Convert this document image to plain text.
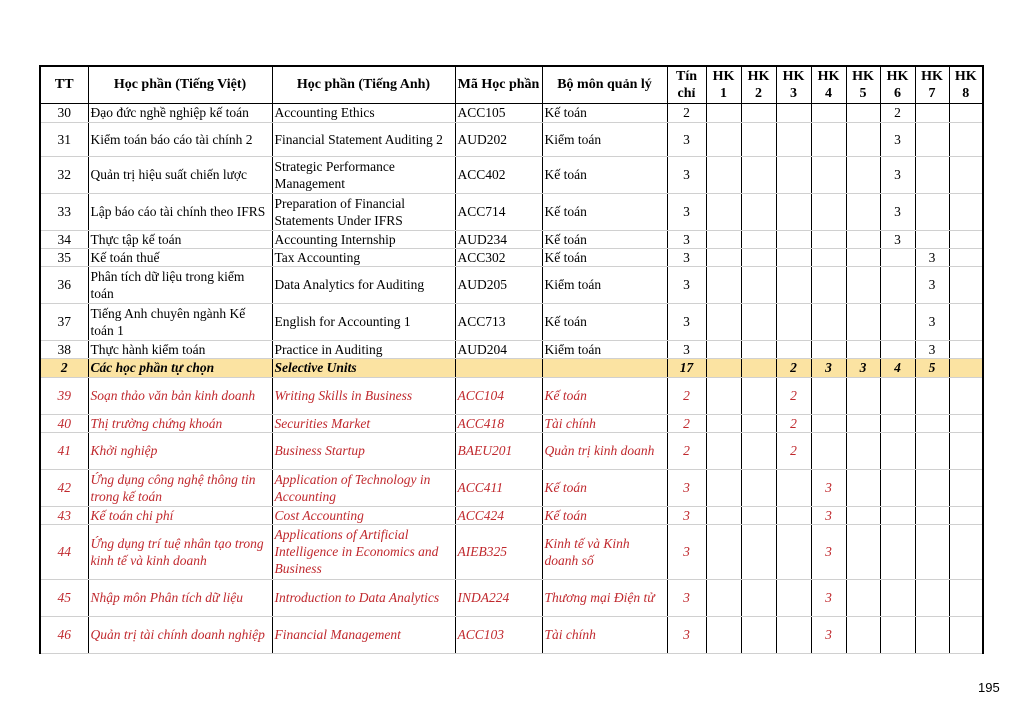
TT	Học phần (Tiếng Việt)	Học phần (Tiếng Anh)	Mã Học phần	Bộ môn quản lý	Tín chỉ	HK 1	HK 2	HK 3	HK 4	HK 5	HK 6	HK 7	HK 8
30	Đạo đức nghề nghiệp kế toán	Accounting Ethics	ACC105	Kế toán	2						2		
31	Kiểm toán báo cáo tài chính 2	Financial Statement Auditing 2	AUD202	Kiểm toán	3						3		
32	Quản trị hiệu suất chiến lược	Strategic Performance Management	ACC402	Kế toán	3						3		
33	Lập báo cáo tài chính theo IFRS	Preparation of Financial Statements Under IFRS	ACC714	Kế toán	3						3		
34	Thực tập kế toán	Accounting Internship	AUD234	Kế toán	3						3		
35	Kế toán thuế	Tax Accounting	ACC302	Kế toán	3							3	
36	Phân tích dữ liệu trong kiểm toán	Data Analytics for Auditing	AUD205	Kiểm toán	3							3	
37	Tiếng Anh chuyên ngành Kế toán 1	English for Accounting 1	ACC713	Kế toán	3							3	
38	Thực hành kiểm toán	Practice in Auditing	AUD204	Kiểm toán	3							3	
2	Các học phần tự chọn	Selective Units			17			2	3	3	4	5	
39	Soạn thảo văn bản kinh doanh	Writing Skills in Business	ACC104	Kế toán	2			2					
40	Thị trường chứng khoán	Securities Market	ACC418	Tài chính	2			2					
41	Khởi nghiệp	Business Startup	BAEU201	Quản trị kinh doanh	2			2					
42	Ứng dụng công nghệ thông tin trong kế toán	Application of Technology in Accounting	ACC411	Kế toán	3				3				
43	Kế toán chi phí	Cost Accounting	ACC424	Kế toán	3				3				
44	Ứng dụng trí tuệ nhân tạo trong kinh tế và kinh doanh	Applications of Artificial Intelligence in Economics and Business	AIEB325	Kinh tế và Kinh doanh số	3				3				
45	Nhập môn Phân tích dữ liệu	Introduction to Data Analytics	INDA224	Thương mại Điện tử	3				3				
46	Quản trị tài chính doanh nghiệp	Financial Management	ACC103	Tài chính	3				3				
195
